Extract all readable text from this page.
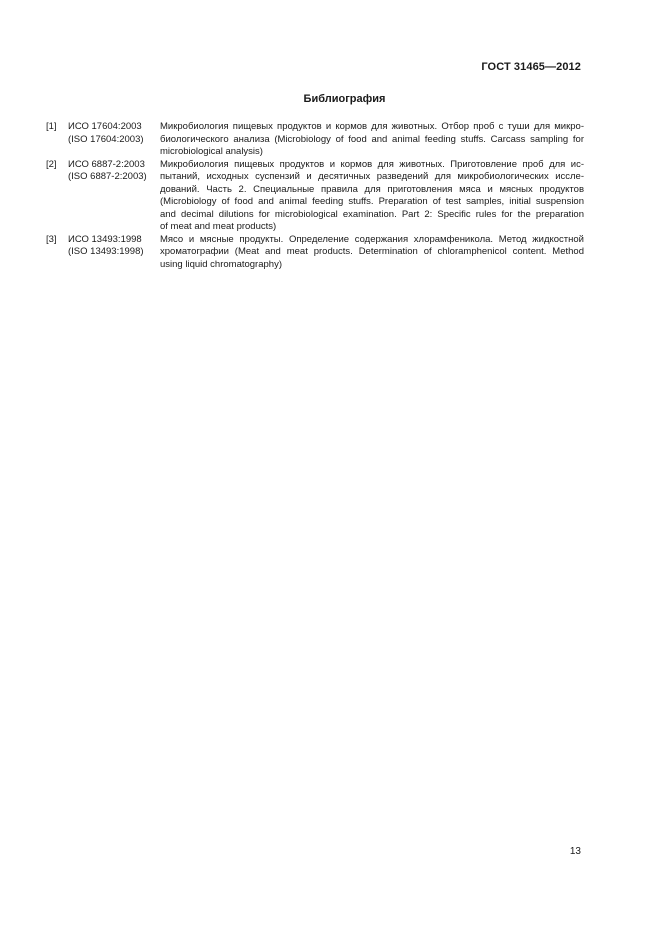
ГОСТ 31465—2012
Библиография
[1] ИСО 17604:2003
(ISO 17604:2003)
Микробиология пищевых продуктов и кормов для животных. Отбор проб с туши для микро-
биологического анализа (Microbiology of food and animal feeding stuffs. Carcass sampling for
microbiological analysis)
[2] ИСО 6887-2:2003
(ISO 6887-2:2003)
Микробиология пищевых продуктов и кормов для животных. Приготовление проб для ис-
пытаний, исходных суспензий и десятичных разведений для микробиологических иссле-
дований. Часть 2. Специальные правила для приготовления мяса и мясных продуктов
(Microbiology of food and animal feeding stuffs. Preparation of test samples, initial suspension
and decimal dilutions for microbiological examination. Part 2: Specific rules for the preparation
of meat and meat products)
[3] ИСО 13493:1998
(ISO 13493:1998)
Мясо и мясные продукты. Определение содержания хлорамфеникола. Метод жидкостной
хроматографии (Meat and meat products. Determination of chloramphenicol content. Method
using liquid chromatography)
13
